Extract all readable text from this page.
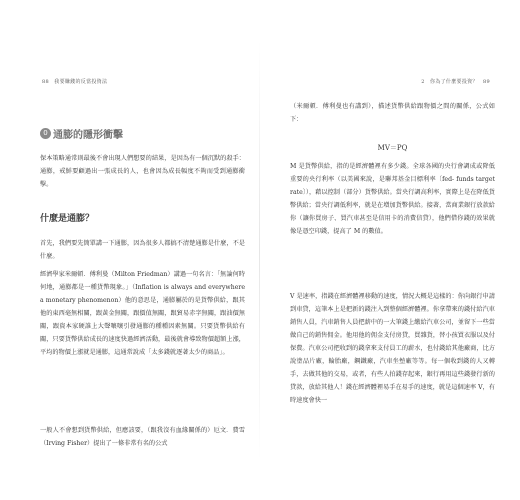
88　我要賺錢的反當投資法
0 通膨的隱形衝擊

保本策略通常則最後不會出現人們想要的結果，是因為有一個沉默的殺手：通膨，戒鮮要顧過出一張成長的人，也會因為成長幅度不夠而受到通膨衝擊。

什麼是通膨？

首先，我們要先簡單講一下通膨，因為很多人都搞不清楚通膨是什麼，不是什麼。

經濟學家米爾頓．傅利曼（Milton Friedman）講過一句名言：「無論何時何地，通膨都是一種貨幣現象。」（Inflation is always and everywhere a monetary phenomenon）他的意思是，通膨屬於的是貨幣供給，跟其他的東西毫無相關，跟黃金無關，跟價值無關，跟貿易赤字無關，跟油價無關，跟資本家硬誰上大聲嚷嚷引發通膨的種種因素無關。只要貨幣供給有關，只要貨幣供給成長的速度快過經濟活動，最後就會導致物價超額上漲，平均的物價上漲就是通膨，這通常說成「太多錢就逐著太少的商品」。

一般人不會想到貨幣供給，但應該要，（跟我沒有血緣關係的）厄文．費雪（Irving Fisher）提出了一條非常有名的公式

2　你為了什麼要投資？　89

（米爾頓．傅利曼也有講到），描述貨幣供給跟物價之間的關係，公式如下：

MV＝PQ

M 是貨幣供給，指的是經濟體裡有多少錢。全球各國的央行會調成或降低重要的央行利率（以美國來說，是聯邦基金目標利率〔fed- funds target rate〕），藉以控制（部分）貨幣供給。當央行調高利率，實際上是在降低貨幣供給；當央行調低利率，就是在增加貨幣供給。接著，當商業銀行放款給你（讓你買房子、買汽車甚至是信用卡的消費信貸），他們借你錢的效果就像是憑空印錢，提高了 M 的數值。

V 是速率，指錢在經濟體裡移動的速度，情況大概是這樣的：你向銀行申請到車貸，這筆本上是把新的錢注入到整個經濟體裡。你拿帶來的錢付給汽車銷售人員，汽車銷售人員把薪中的一大筆錢上繳給汽車公司，並留下一些當做自己的銷售佣金。他用他的佣金支付房貸，買雜貨，替小孩買衣服以及付保費。汽車公司把收到的錢拿來支付員工的薪水，也付錢給其他廠商，比方說塗品片廠，輪胎廠，鋼鐵廠，汽車坐墊廠等等。每一個收到錢的人又轉手，去做其他的交易，或者，有些人拍錢存起來，銀行再用這些錢發行新的貸款，放給其他人！錢在經濟體裡易手在易手的速度，就是這個速率 V，有時速度會快一
